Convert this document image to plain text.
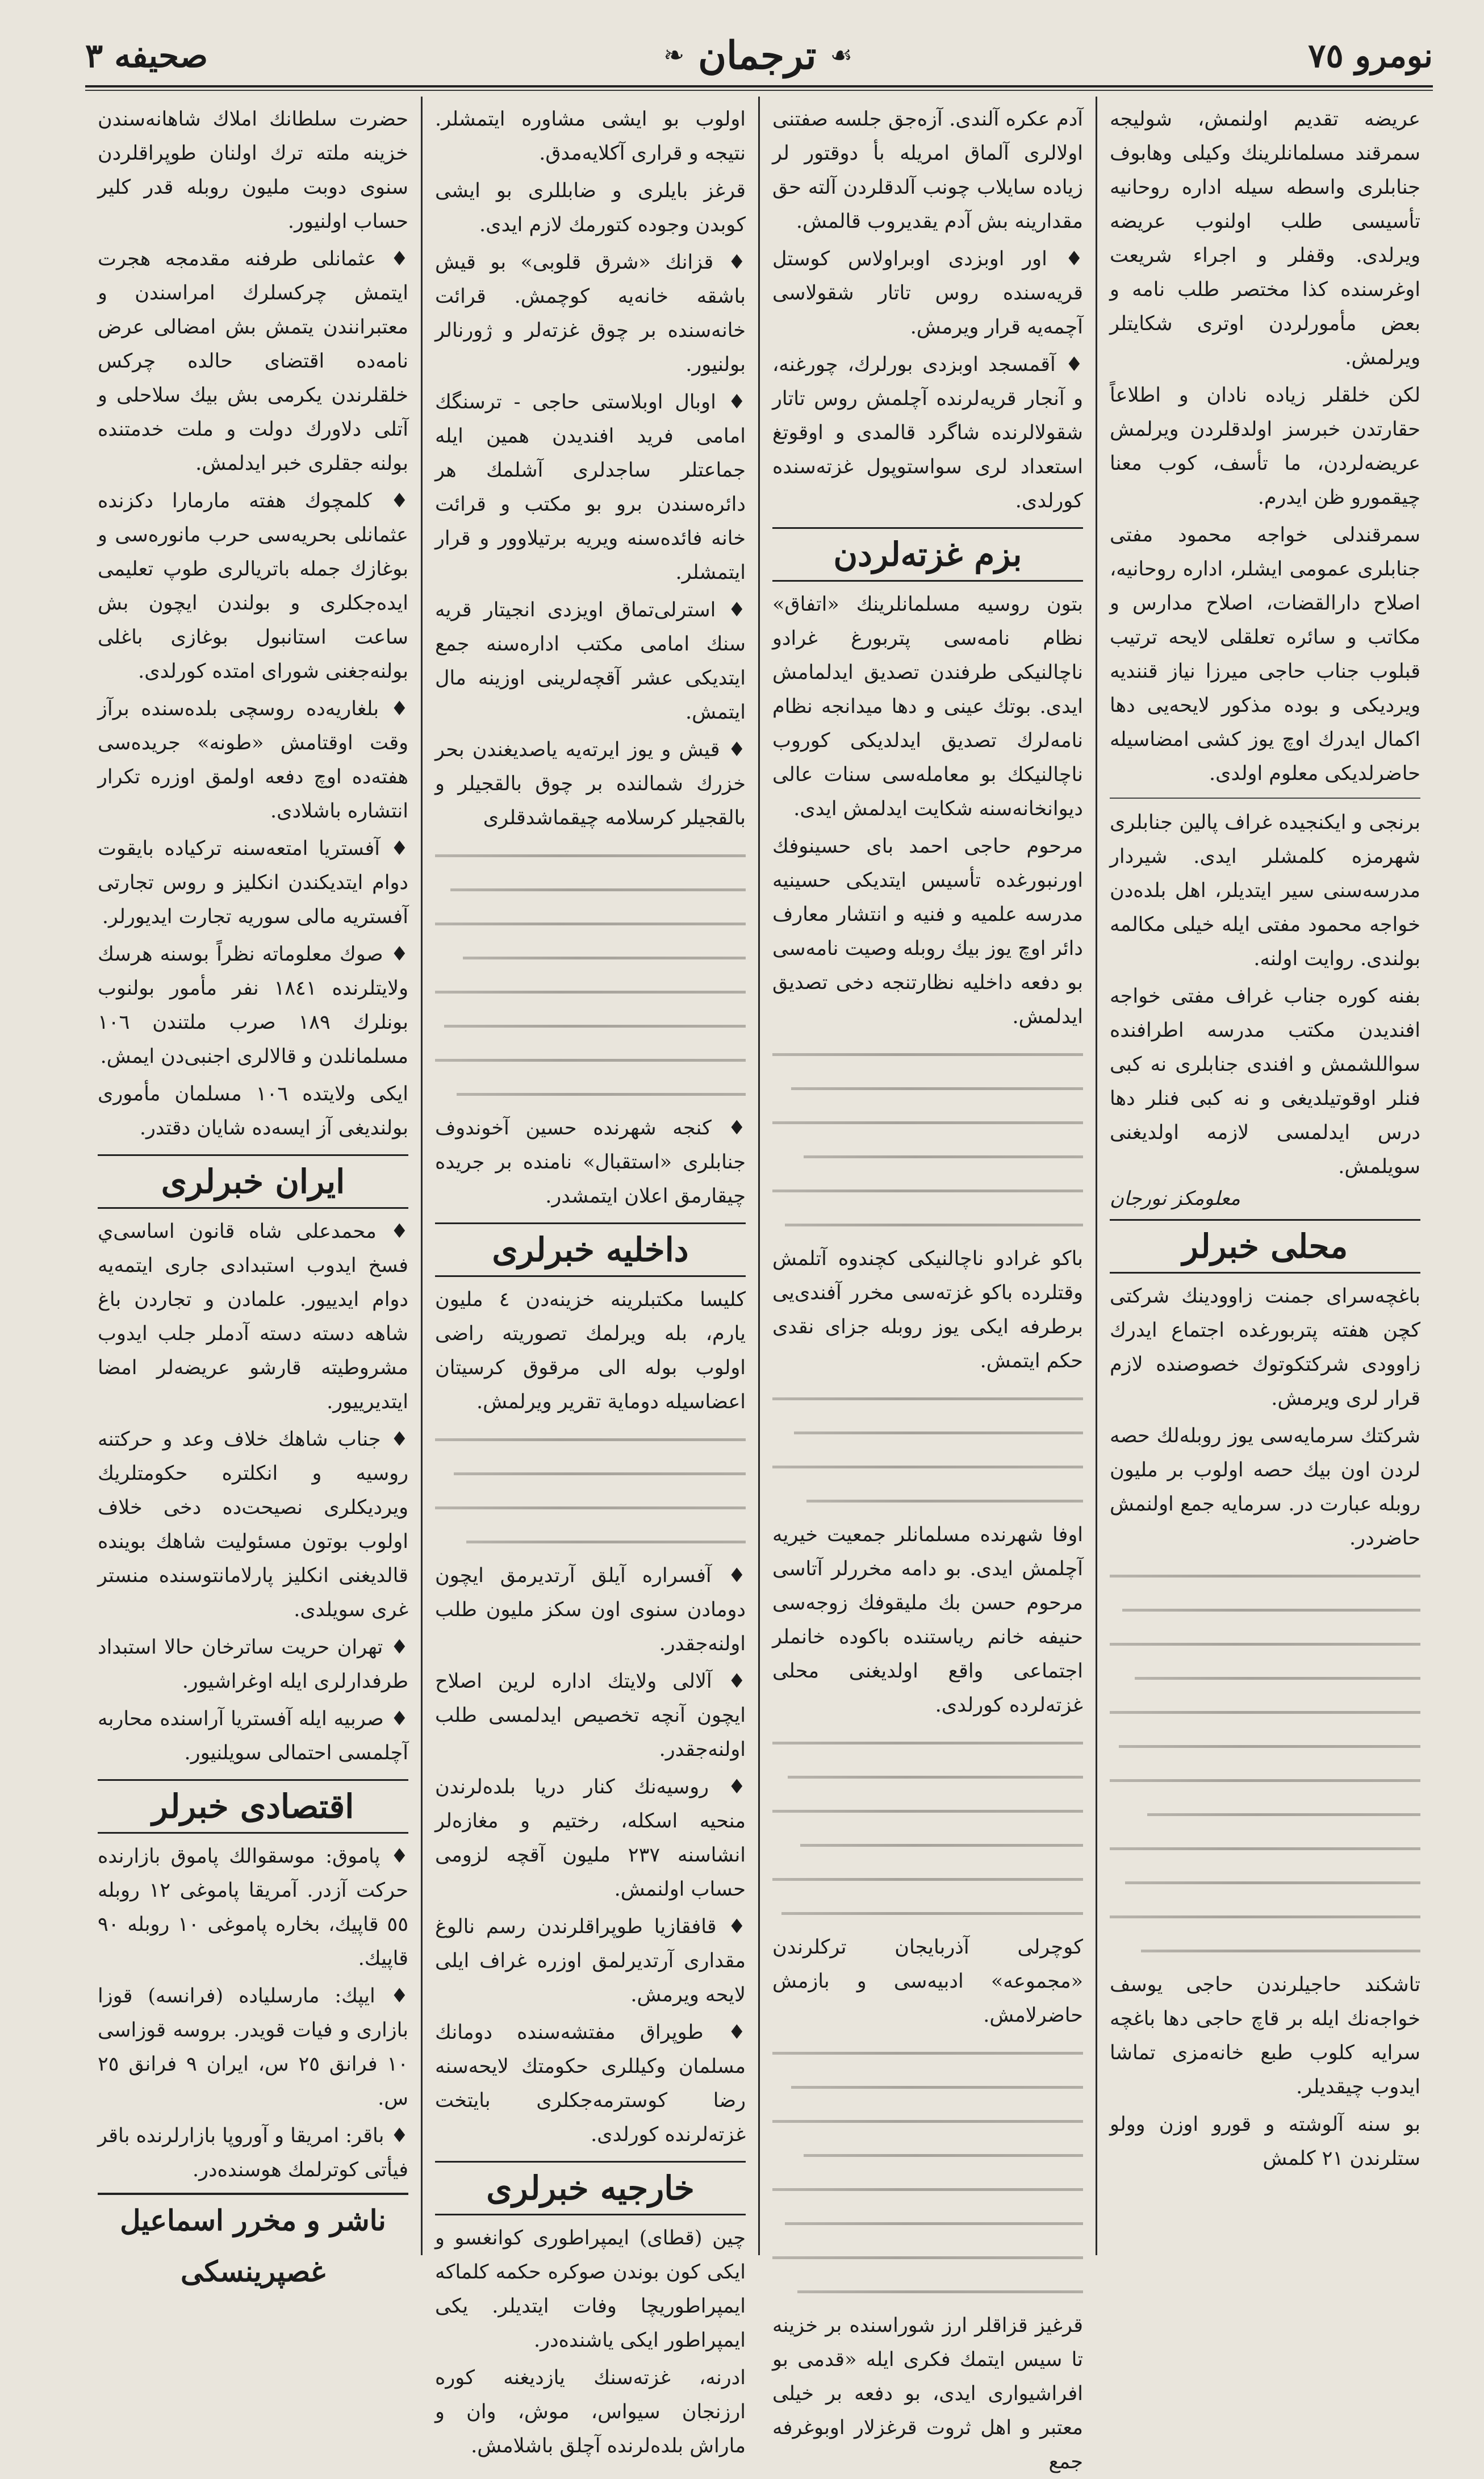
نومرو ٧٥
☙
ترجمان
❧
صحيفه ٣

عريضه تقديم اولنمش، شوليجه سمرقند مسلمانلرينك وكيلى وهابوف جنابلرى واسطه سيله اداره روحانيه تأسيسى طلب اولنوب عريضه ويرلدى. وقفلر و اجراء شريعت اوغرسنده كذا مختصر طلب نامه و بعض مأمورلردن اوترى شكايتلر ويرلمش.

لكن خلقلر زياده نادان و اطلاعاً حقارتدن خبرسز اولدقلردن ويرلمش عريضه‌لردن، ما تأسف، كوب معنا چيقمورو ظن ايدرم.

سمرقندلى خواجه محمود مفتى جنابلرى عمومى ايشلر، اداره روحانيه، اصلاح دارالقضات، اصلاح مدارس و مكاتب و سائره تعلقلى لايحه ترتيب قبلوب جناب حاجى ميرزا نياز قننديه ويرديكى و بوده مذكور لايحه‌يى دها اكمال ايدرك اوچ يوز كشى امضاسيله حاضرلديكى معلوم اولدى.

برنجى و ايكنجيده غراف پالين جنابلرى شهرمزه كلمشلر ايدى. شيردار مدرسه‌سنى سير ايتديلر، اهل بلده‌دن خواجه محمود مفتى ايله خيلى مكالمه بولندى. روايت اولنه.

بفنه كوره جناب غراف مفتى خواجه افنديدن مكتب مدرسه اطرافنده سواللشمش و افندى جنابلرى نه كبى فنلر اوقوتيلديغى و نه كبى فنلر دها درس ايدلمسى لازمه اولديغنى سويلمش.

معلومكز نورجان
محلى خبرلر

باغچه‌سراى جمنت زاوودينك شركتى كچن هفته پتربورغده اجتماع ايدرك زاوودى شركتكوتوك خصوصنده لازم قرار لرى ويرمش.

شركتك سرمايه‌سى يوز روبله‌لك حصه لردن اون بيك حصه اولوب بر مليون روبله عبارت در. سرمايه جمع اولنمش حاضردر.

تاشكند حاجيلرندن حاجى يوسف خواجه‌نك ايله بر قاچ حاجى دها باغچه سرايه كلوب طبع خانه‌مزى تماشا ايدوب چيقديلر.

بو سنه آلوشته و قورو اوزن وولو ستلرندن ٢١ كلمش

آدم عكره آلندى. آزه‌جق جلسه صفتنى اولالرى آلماق امريله بأ دوقتور لر زياده سايلاب چونب آلدقلردن آلته حق مقدارينه بش آدم يقديروب قالمش.

♦ اور اوبزدى اوبراولاس كوستل قريه‌سنده روس تاتار شقولاسى آچمه‌يه قرار ويرمش.

♦ آقمسجد اوبزدى بورلرك، چورغنه، و آنجار قريه‌لرنده آچلمش روس تاتار شقولالرنده شاگرد قالمدى و اوقوتغ استعداد لرى سواستوپول غزته‌سنده كورلدى.

بزم غزته‌لردن

بتون روسيه مسلمانلرينك «اتفاق» نظام نامه‌سى پتربورغ غرادو ناچالنيكى طرفندن تصديق ايدلمامش ايدى. بوتك عينى و دها ميدانجه نظام نامه‌لرك تصديق ايدلديكى كوروب ناچالنيكك بو معامله‌سى سنات عالى ديوانخانه‌سنه شكايت ايدلمش ايدى.

مرحوم حاجى احمد باى حسينوفك اورنبورغده تأسيس ايتديكى حسينيه مدرسه علميه و فنيه و انتشار معارف دائر اوچ يوز بيك روبله وصيت نامه‌سى بو دفعه داخليه نظارتنجه دخى تصديق ايدلمش.

باكو غرادو ناچالنيكى كچندوه آتلمش وقتلرده باكو غزته‌سى مخرر آفندى‌يى برطرفه ايكى يوز روبله جزاى نقدى حكم ايتمش.

اوفا شهرنده مسلمانلر جمعيت خيريه آچلمش ايدى. بو دامه مخررلر آتاسى مرحوم حسن بك مليقوفك زوجه‌سى حنيفه خانم رياستنده باكوده خانملر اجتماعى واقع اولديغنى محلى غزته‌لرده كورلدى.

كوچرلى آذربايجان تركلرندن «مجموعه» ادبيه‌سى و بازمش حاضرلامش.

قرغيز قزاقلر ارز شوراسنده بر خزينه تا سيس ايتمك فكرى ايله «قدمى بو افراشيوارى ايدى، بو دفعه بر خيلى معتبر و اهل ثروت قرغزلار اوبوغرفه جمع

اولوب بو ايشى مشاوره ايتمشلر. نتيجه و قرارى آكلايه‌مدق.

قرغز بايلرى و ضابللرى بو ايشى كوبدن وجوده كتورمك لازم ايدى.

♦ قزانك «شرق قلوبى» بو قيش باشقه خانه‌يه كوچمش. قرائت خانه‌سنده بر چوق غزته‌لر و ژورنالر بولنيور.

♦ اوبال اوبلاستى حاجى - ترسنگك امامى فريد افنديدن همين ايله جماعتلر ساجدلرى آشلمك هر دائره‌سندن برو بو مكتب و قرائت خانه فائده‌سنه ويريه برتيلاوور و قرار ايتمشلر.

♦ استرلى‌تماق اويزدى انجيتار قريه سنك امامى مكتب اداره‌سنه جمع ايتديكى عشر آقچه‌لرينى اوزينه مال ايتمش.

♦ قيش و يوز ايرته‌يه ياصديغندن بحر خزرك شمالنده بر چوق بالقجيلر و بالقجيلر كرسلامه چيقماشدقلرى

♦ كنجه شهرنده حسين آخوندوف جنابلرى «استقبال» نامنده بر جريده چيقارمق اعلان ايتمشدر.

داخليه خبرلرى

كليسا مكتبلرينه خزينه‌دن ٤ مليون يارم، بله ويرلمك تصوريته راضى اولوب بوله الى مرقوق كرسيتان اعضاسيله دوماية تقرير ويرلمش.

♦ آفسراره آيلق آرتديرمق ايچون دومادن سنوى اون سكز مليون طلب اولنه‌جقدر.

♦ آلالى ولايتك اداره لرين اصلاح ايچون آنچه تخصيص ايدلمسى طلب اولنه‌جقدر.

♦ روسيه‌نك كنار دريا بلده‌لرندن منحيه اسكله، رختيم و مغازه‌لر انشاسنه ٢٣٧ مليون آقچه لزومى حساب اولنمش.

♦ قافقازيا طوپراقلرندن رسم نالوغ مقدارى آرتديرلمق اوزره غراف ايلى لايحه ويرمش.

♦ طوپراق مفتشه‌سنده دومانك مسلمان وكيللرى حكومتك لايحه‌سنه رضا كوسترمه‌جكلرى بايتخت غزته‌لرنده كورلدى.

خارجيه خبرلرى

چين (قطاى) ايمپراطورى كوانغسو و ايكى كون بوندن صوكره حكمه كلماكه ايمپراطوريچا وفات ايتديلر. يكى ايمپراطور ايكى ياشنده‌در.

ادرنه، غزته‌سنك يازديغنه كوره ارزنجان سيواس، موش، وان و ماراش بلده‌لرنده آچلق باشلامش.

حضرت سلطانك املاك شاهانه‌سندن خزينه ملته ترك اولنان طوپراقلردن سنوى دوبت مليون روبله قدر كلير حساب اولنيور.

♦ عثمانلى طرفنه مقدمجه هجرت ايتمش چركسلرك امراسندن و معتبرانندن يتمش بش امضالى عرض نامه‌ده اقتضاى حالده چركس خلقلرندن يكرمى بش بيك سلاحلى و آتلى دلاورك دولت و ملت خدمتنده بولنه جقلرى خبر ايدلمش.

♦ كلمچوك هفته مارمارا دكزنده عثمانلى بحريه‌سى حرب مانوره‌سى و بوغازك جمله باتريالرى طوپ تعليمى ايده‌جكلرى و بولندن ايچون بش ساعت استانبول بوغازى باغلى بولنه‌جغنى شوراى امتده كورلدى.

♦ بلغاريه‌ده روسچى بلده‌سنده برآز وقت اوقتامش «طونه» جريده‌سى هفته‌ده اوچ دفعه اولمق اوزره تكرار انتشاره باشلادى.

♦ آفستريا امتعه‌سنه تركياده بايقوت دوام ايتديكندن انكليز و روس تجارتى آفستريه مالى سوريه تجارت ايديورلر.

♦ صوك معلوماته نظراً بوسنه هرسك ولايتلرنده ١٨٤١ نفر مأمور بولنوب بونلرك ١٨٩ صرب ملتندن ١٠٦ مسلمانلدن و قالالرى اجنبى‌دن ايمش.

ايكى ولايتده ١٠٦ مسلمان مأمورى بولنديغى آز ايسه‌ده شايان دقتدر.

ايران خبرلرى

♦ محمدعلى شاه قانون اساسى‌ي فسخ ايدوب استبدادى جارى ايتمه‌يه دوام ايدييور. علمادن و تجاردن باغ شاهه دسته دسته آدملر جلب ايدوب مشروطيته قارشو عريضه‌لر امضا ايتديرييور.

♦ جناب شاهك خلاف وعد و حركتنه روسيه و انكلتره حكومتلريك ويرديكلرى نصيحت‌ده دخى خلاف اولوب بوتون مسئوليت شاهك بوينده قالديغنى انكليز پارلامانتوسنده منستر غرى سويلدى.

♦ تهران حريت ساترخان حالا استبداد طرفدارلرى ايله اوغراشيور.

♦ صربيه ايله آفستريا آراسنده محاربه آچلمسى احتمالى سويلنيور.

اقتصادى خبرلر

♦ پاموق: موسقوالك پاموق بازارنده حركت آزدر. آمريقا پاموغى ١٢ روبله ٥٥ قاپيك، بخاره پاموغى ١٠ روبله ٩٠ قاپيك.

♦ ايپك: مارسلياده (فرانسه) قوزا بازارى و فيات قويدر. بروسه قوزاسى ١٠ فرانق ٢٥ س، ايران ٩ فرانق ٢٥ س.

♦ باقر: امريقا و آوروپا بازارلرنده باقر فيأتى كوترلمك هوسنده‌در.

ناشر و مخرر اسماعيل غصپرينسكى
